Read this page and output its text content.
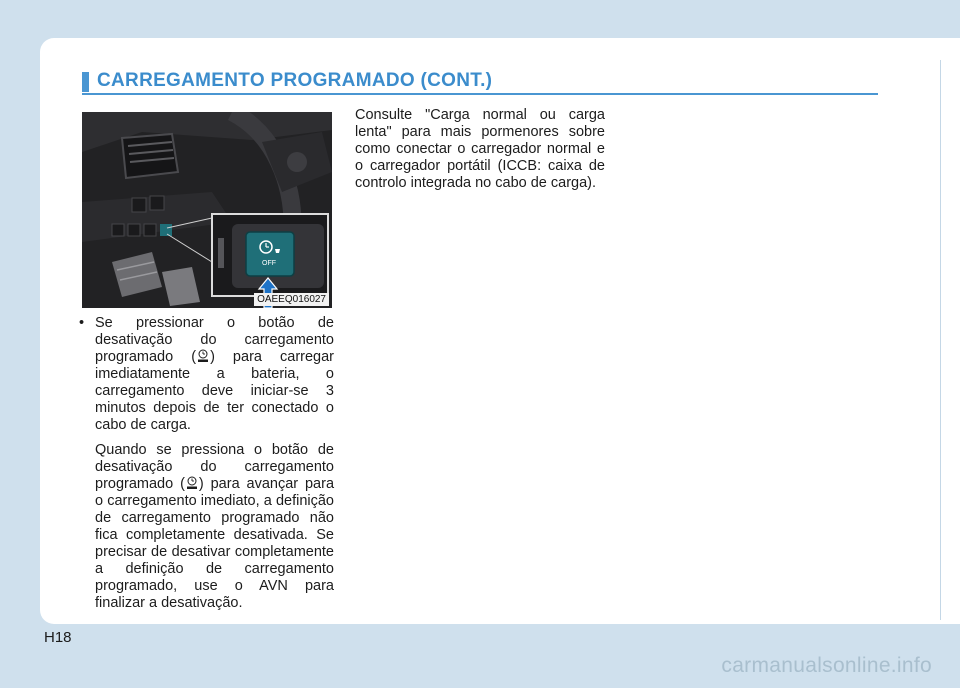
CARREGAMENTO PROGRAMADO (CONT.)
OFF
OAEEQ016027
• Se pressionar o botão de desativação do carregamento programado ( ) para carregar imediatamente a bateria, o carregamento deve iniciar-se 3 minutos depois de ter conectado o cabo de carga.
Quando se pressiona o botão de desativação do carregamento programado ( ) para avançar para o carregamento imediato, a definição de carregamento programado não fica completamente desativada. Se precisar de desativar completamente a definição de carregamento programado, use o AVN para finalizar a desativação.
Consulte "Carga normal ou carga lenta" para mais pormenores sobre como conectar o carregador normal e o carregador portátil (ICCB: caixa de controlo integrada no cabo de carga).
H18
carmanualsonline.info
